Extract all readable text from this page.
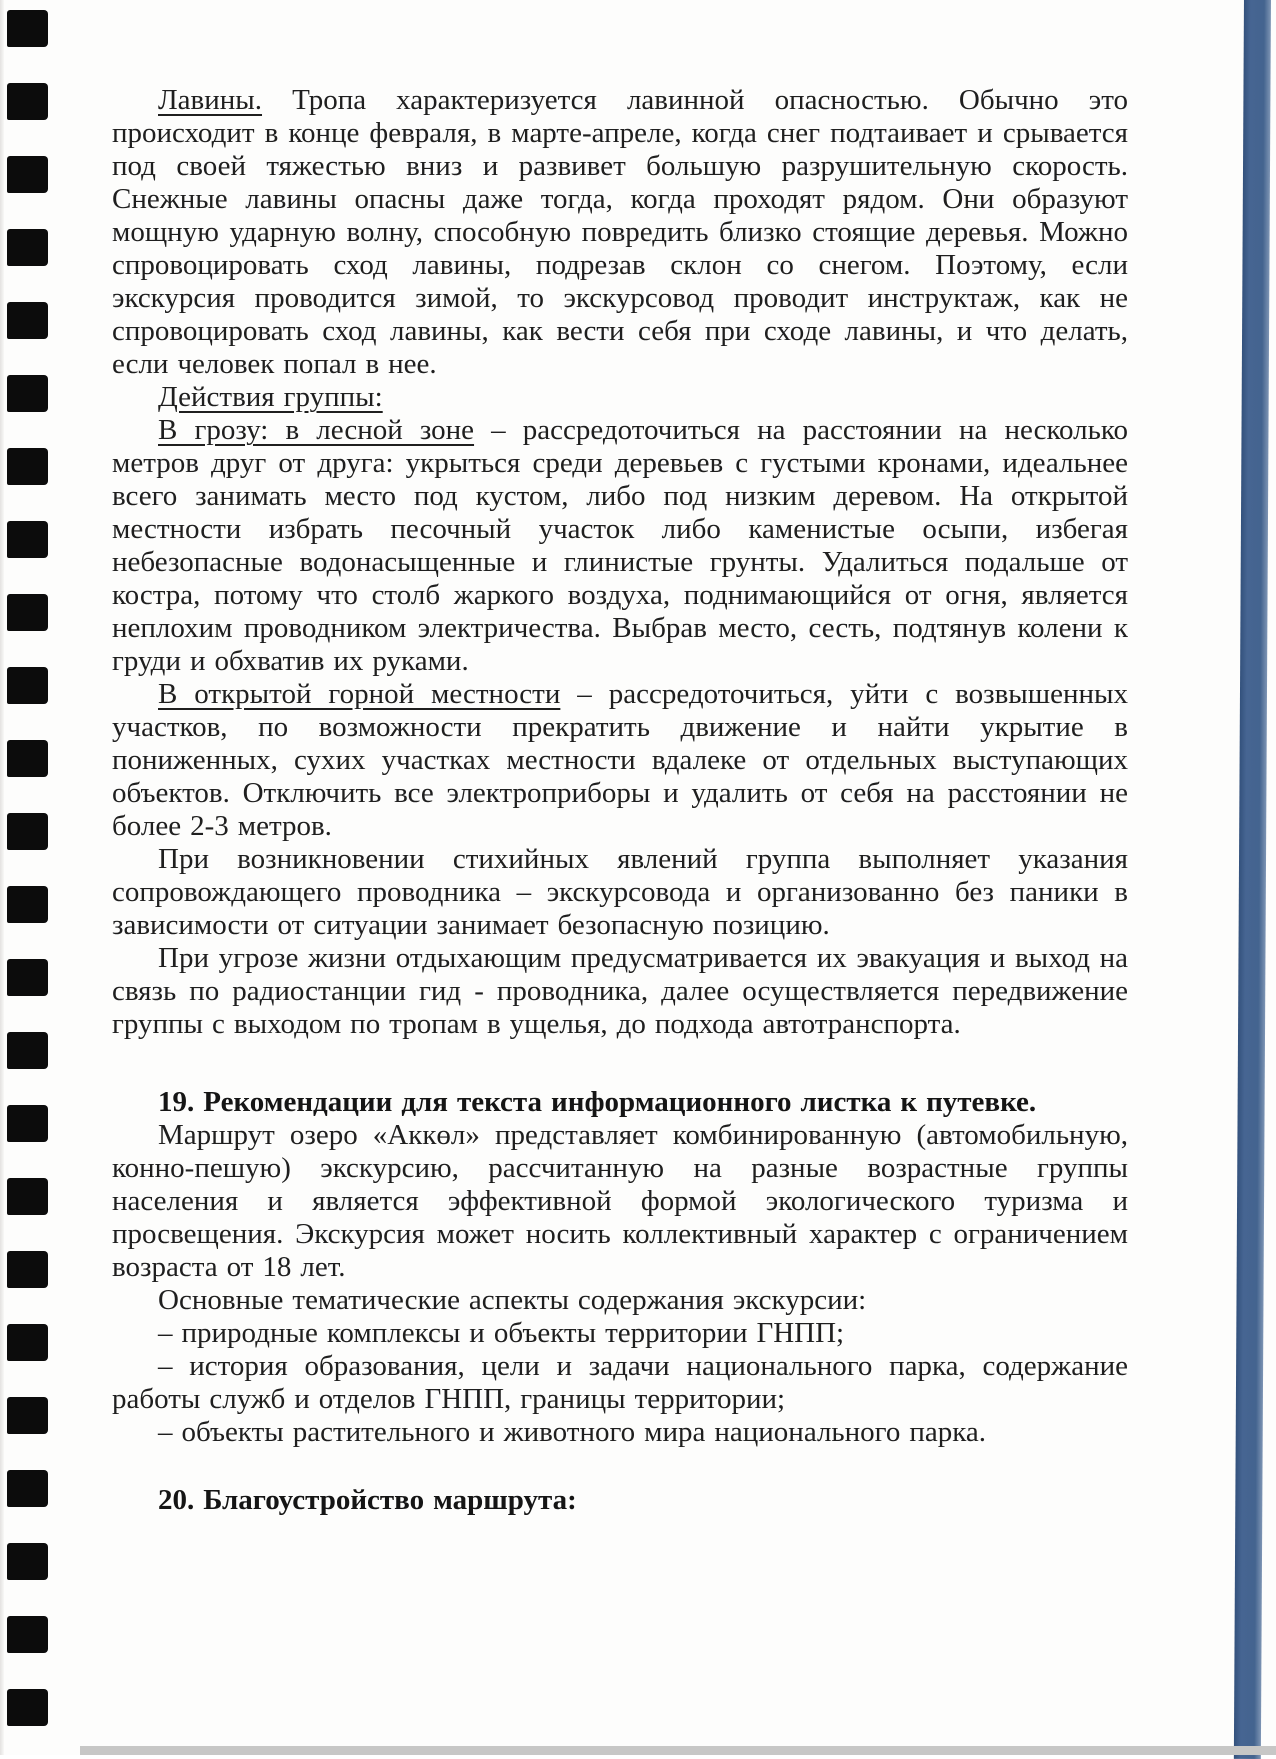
Лавины. Тропа характеризуется лавинной опасностью. Обычно это происходит в конце февраля, в марте-апреле, когда снег подтаивает и срывается под своей тяжестью вниз и развивет большую разрушительную скорость. Снежные лавины опасны даже тогда, когда проходят рядом. Они образуют мощную ударную волну, способную повредить близко стоящие деревья. Можно спровоцировать сход лавины, подрезав склон со снегом. Поэтому, если экскурсия проводится зимой, то экскурсовод проводит инструктаж, как не спровоцировать сход лавины, как вести себя при сходе лавины, и что делать, если человек попал в нее.

Действия группы:

В грозу: в лесной зоне – рассредоточиться на расстоянии на несколько метров друг от друга: укрыться среди деревьев с густыми кронами, идеальнее всего занимать место под кустом, либо под низким деревом. На открытой местности избрать песочный участок либо каменистые осыпи, избегая небезопасные водонасыщенные и глинистые грунты. Удалиться подальше от костра, потому что столб жаркого воздуха, поднимающийся от огня, является неплохим проводником электричества. Выбрав место, сесть, подтянув колени к груди и обхватив их руками.

В открытой горной местности – рассредоточиться, уйти с возвышенных участков, по возможности прекратить движение и найти укрытие в пониженных, сухих участках местности вдалеке от отдельных выступающих объектов. Отключить все электроприборы и удалить от себя на расстоянии не более 2-3 метров.

При возникновении стихийных явлений группа выполняет указания сопровождающего проводника – экскурсовода и организованно без паники в зависимости от ситуации занимает безопасную позицию.

При угрозе жизни отдыхающим предусматривается их эвакуация и выход на связь по радиостанции гид - проводника, далее осуществляется передвижение группы с выходом по тропам в ущелья, до подхода автотранспорта.

19. Рекомендации для текста информационного листка к путевке.

Маршрут озеро «Аккөл» представляет комбинированную (автомобильную, конно-пешую) экскурсию, рассчитанную на разные возрастные группы населения и является эффективной формой экологического туризма и просвещения. Экскурсия может носить коллективный характер с ограничением возраста от 18 лет.

Основные тематические аспекты содержания экскурсии:

– природные комплексы и объекты территории ГНПП;

– история образования, цели и задачи национального парка, содержание работы служб и отделов ГНПП, границы территории;

– объекты растительного и животного мира национального парка.

20. Благоустройство маршрута:
